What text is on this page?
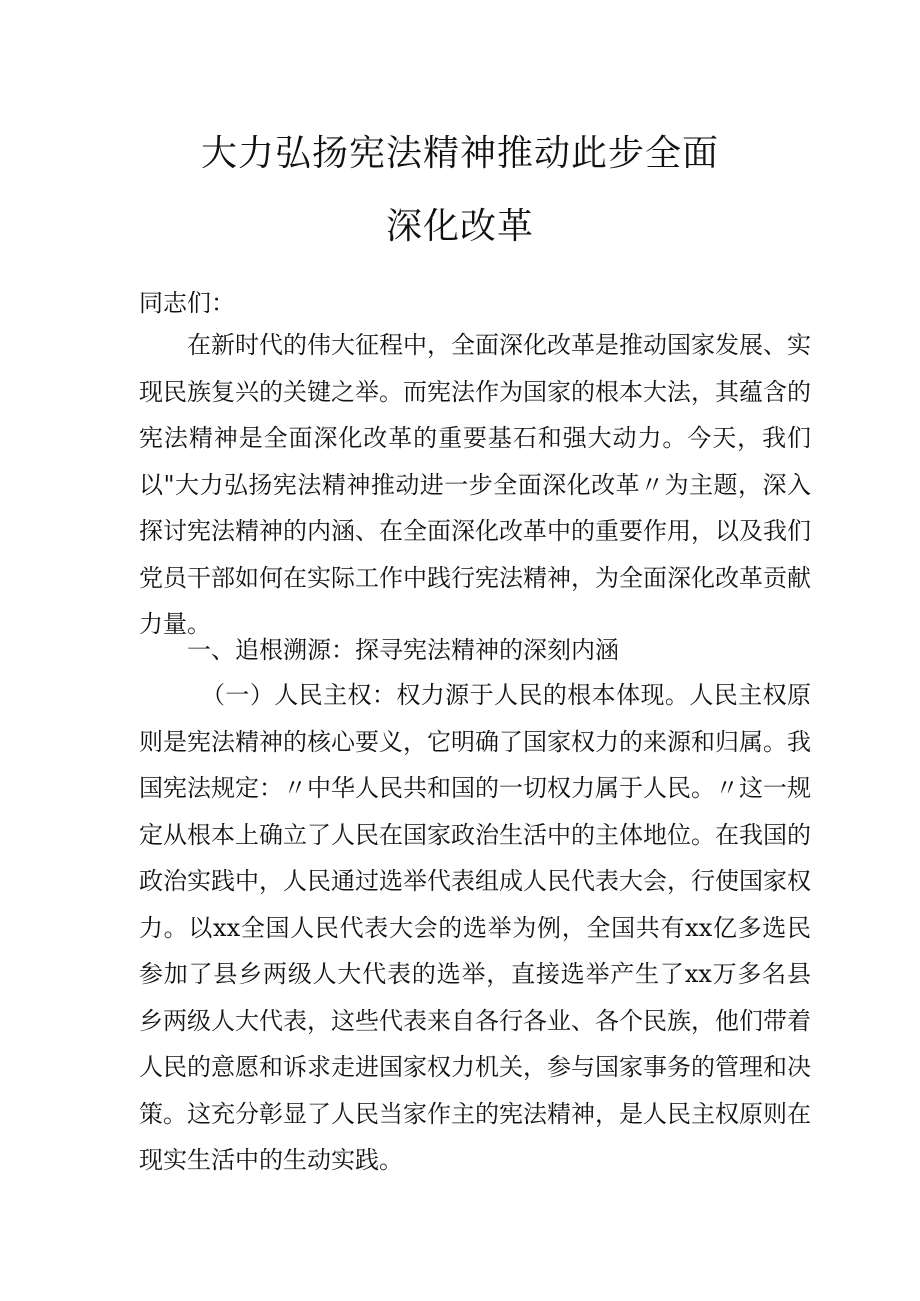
大力弘扬宪法精神推动此步全面
深化改革
同志们：
在新时代的伟大征程中，全面深化改革是推动国家发展、实现民族复兴的关键之举。而宪法作为国家的根本大法，其蕴含的宪法精神是全面深化改革的重要基石和强大动力。今天，我们以"大力弘扬宪法精神推动进一步全面深化改革〃为主题，深入探讨宪法精神的内涵、在全面深化改革中的重要作用，以及我们党员干部如何在实际工作中践行宪法精神，为全面深化改革贡献力量。
一、追根溯源：探寻宪法精神的深刻内涵
（一）人民主权：权力源于人民的根本体现。人民主权原则是宪法精神的核心要义，它明确了国家权力的来源和归属。我国宪法规定：〃中华人民共和国的一切权力属于人民。〃这一规定从根本上确立了人民在国家政治生活中的主体地位。在我国的政治实践中，人民通过选举代表组成人民代表大会，行使国家权力。以xx全国人民代表大会的选举为例，全国共有xx亿多选民参加了县乡两级人大代表的选举，直接选举产生了xx万多名县乡两级人大代表，这些代表来自各行各业、各个民族，他们带着人民的意愿和诉求走进国家权力机关，参与国家事务的管理和决策。这充分彰显了人民当家作主的宪法精神，是人民主权原则在现实生活中的生动实践。
